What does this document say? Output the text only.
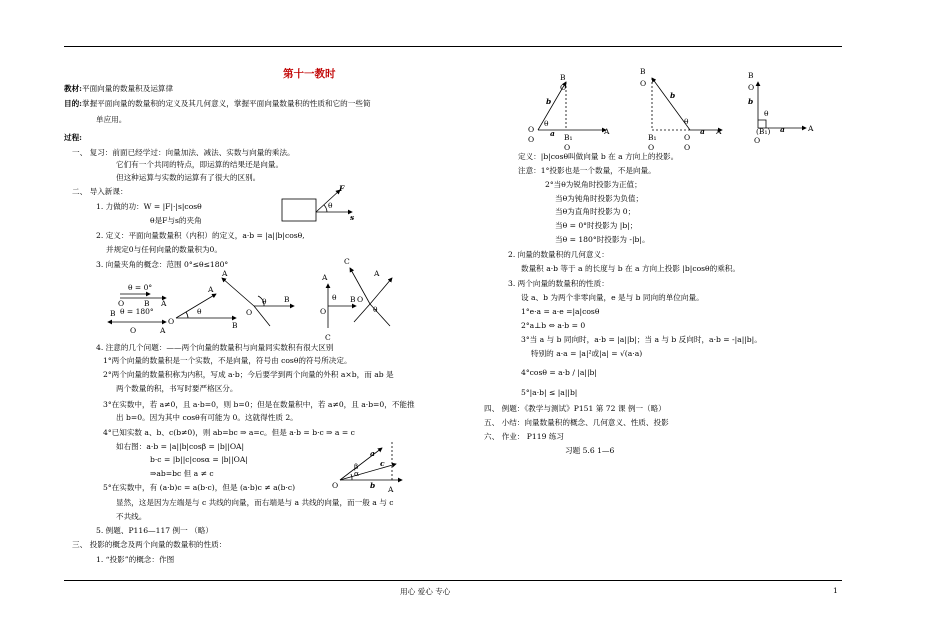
第十一教时
教材:平面向量的数量积及运算律
目的:掌握平面向量的数量积的定义及其几何意义，掌握平面向量数量积的性质和它的一些简
单应用。
过程:
一、 复习：前面已经学过：向量加法、减法、实数与向量的乘法。
它们有一个共同的特点，即运算的结果还是向量。
但这种运算与实数的运算有了很大的区别。
二、 导入新课：
1. 力做的功：W = |F|·|s|cosθ
θ是F与s的夹角
2. 定义：平面向量数量积（内积）的定义，a·b = |a||b|cosθ,
并规定0与任何向量的数量积为0。
3. 向量夹角的概念：范围 0°≤θ≤180°
4. 注意的几个问题：——两个向量的数量积与向量同实数积有很大区别
1°两个向量的数量积是一个实数，不是向量，符号由 cosθ的符号所决定。
2°两个向量的数量积称为内积，写成 a·b；今后要学到两个向量的外积 a×b，而 ab 是
两个数量的积，书写时要严格区分。
3°在实数中，若 a≠0，且 a·b=0，则 b=0；但是在数量积中，若 a≠0，且 a·b=0，不能推
出 b=0。因为其中 cosθ有可能为 0。这就得性质 2。
4°已知实数 a、b、c(b≠0)，则 ab=bc ⇒ a=c。但是 a·b = b·c ⇒ a = c
如右图：a·b = |a||b|cosβ = |b||OA|
b·c = |b||c|cosα = |b||OA|
⇒ab=bc 但 a ≠ c
5°在实数中，有 (a·b)c = a(b·c)，但是 (a·b)c ≠ a(b·c)
显然，这是因为左端是与 c 共线的向量，而右端是与 a 共线的向量，而一般 a 与 c
不共线。
5. 例题、P116—117 例一 （略）
三、 投影的概念及两个向量的数量积的性质：
1. “投影”的概念：作图
定义：|b|cosθ叫做向量 b 在 a 方向上的投影。
注意：1°投影也是一个数量，不是向量。
2°当θ为锐角时投影为正值；
当θ为钝角时投影为负值；
当θ为直角时投影为 0；
当θ = 0°时投影为 |b|；
当θ = 180°时投影为 -|b|。
2. 向量的数量积的几何意义：
数量积 a·b 等于 a 的长度与 b 在 a 方向上投影 |b|cosθ的乘积。
3. 两个向量的数量积的性质：
设 a、b 为两个非零向量，e 是与 b 同向的单位向量。
1°e·a = a·e =|a|cosθ
2°a⊥b ⇔ a·b = 0
3°当 a 与 b 同向时，a·b = |a||b|；当 a 与 b 反向时，a·b = -|a||b|。
特别的 a·a = |a|²或|a| = √(a·a)
4°cosθ = a·b / |a||b|
5°|a·b| ≤ |a||b|
四、 例题：《教学与测试》P151 第 72 课 例一（略）
五、 小结：向量数量积的概念、几何意义、性质、投影
六、 作业： P119 练习
习题 5.6 1—6
F
s
θ
θ = 0°
O	B A
B θ = 180°
O	A
A
O
θ
B
A
O
θ B
A
θ
O
B
C
C
A
O
θ
a
c
b
α
β
O	A
B
O
b
θ
a
O
O	B₁
O
A
B
O
b
θ
a
B₁
O
O
O
A
B
O
b
θ
(B₁)
O
a	A
用心 爱心 专心	1
